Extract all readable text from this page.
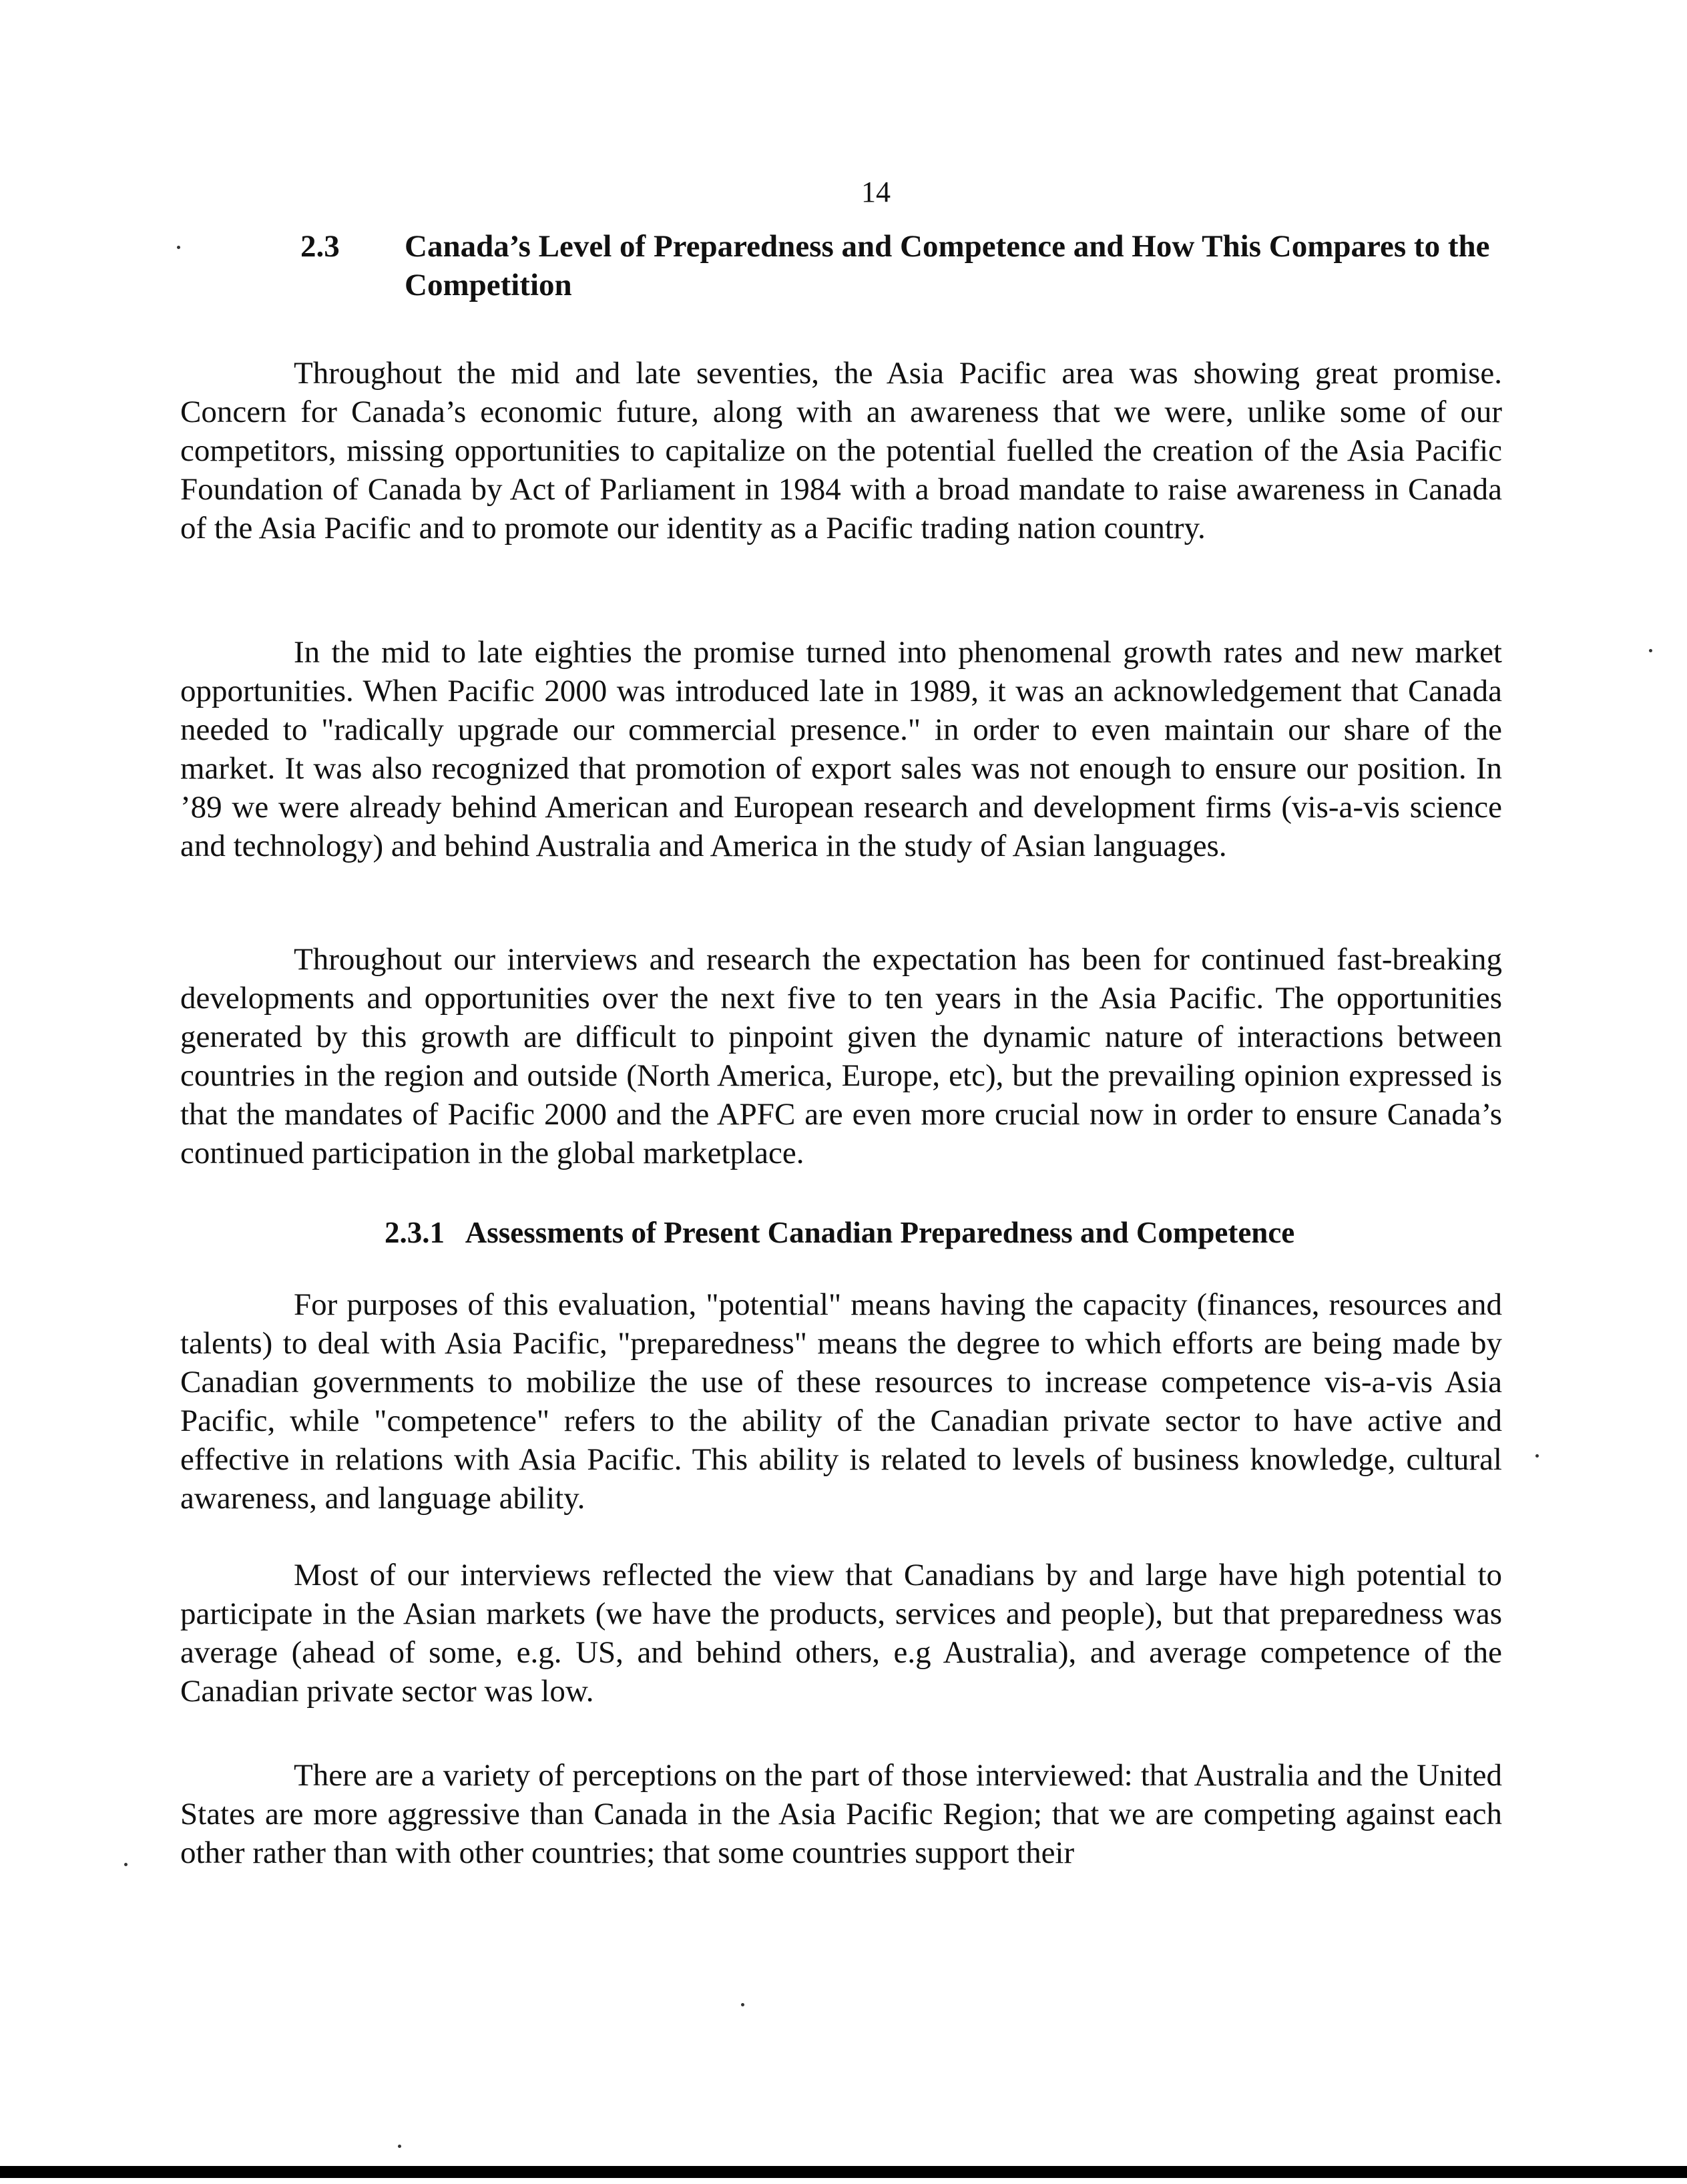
14
2.3 Canada’s Level of Preparedness and Competence and How This Compares to the Competition

Throughout the mid and late seventies, the Asia Pacific area was showing great promise. Concern for Canada’s economic future, along with an awareness that we were, unlike some of our competitors, missing opportunities to capitalize on the potential fuelled the creation of the Asia Pacific Foundation of Canada by Act of Parliament in 1984 with a broad mandate to raise awareness in Canada of the Asia Pacific and to promote our identity as a Pacific trading nation country.

In the mid to late eighties the promise turned into phenomenal growth rates and new market opportunities. When Pacific 2000 was introduced late in 1989, it was an acknowledgement that Canada needed to "radically upgrade our commercial presence." in order to even maintain our share of the market. It was also recognized that promotion of export sales was not enough to ensure our position. In ’89 we were already behind American and European research and development firms (vis-a-vis science and technology) and behind Australia and America in the study of Asian languages.

Throughout our interviews and research the expectation has been for continued fast-breaking developments and opportunities over the next five to ten years in the Asia Pacific. The opportunities generated by this growth are difficult to pinpoint given the dynamic nature of interactions between countries in the region and outside (North America, Europe, etc), but the prevailing opinion expressed is that the mandates of Pacific 2000 and the APFC are even more crucial now in order to ensure Canada’s continued participation in the global marketplace.

2.3.1 Assessments of Present Canadian Preparedness and Competence

For purposes of this evaluation, "potential" means having the capacity (finances, resources and talents) to deal with Asia Pacific, "preparedness" means the degree to which efforts are being made by Canadian governments to mobilize the use of these resources to increase competence vis-a-vis Asia Pacific, while "competence" refers to the ability of the Canadian private sector to have active and effective in relations with Asia Pacific. This ability is related to levels of business knowledge, cultural awareness, and language ability.

Most of our interviews reflected the view that Canadians by and large have high potential to participate in the Asian markets (we have the products, services and people), but that preparedness was average (ahead of some, e.g. US, and behind others, e.g Australia), and average competence of the Canadian private sector was low.

There are a variety of perceptions on the part of those interviewed: that Australia and the United States are more aggressive than Canada in the Asia Pacific Region; that we are competing against each other rather than with other countries; that some countries support their
